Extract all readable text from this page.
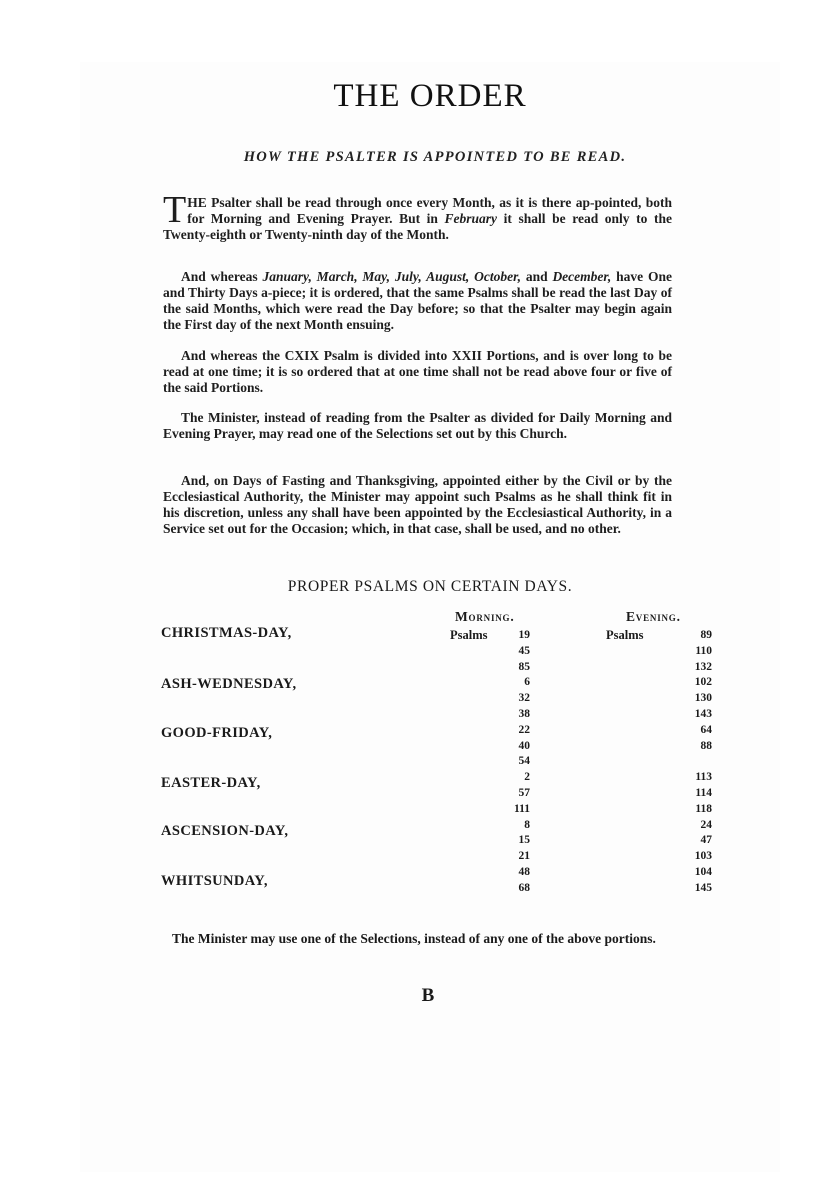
THE ORDER
HOW THE PSALTER IS APPOINTED TO BE READ.
THE Psalter shall be read through once every Month, as it is there ap-pointed, both for Morning and Evening Prayer. But in February it shall be read only to the Twenty-eighth or Twenty-ninth day of the Month.
And whereas January, March, May, July, August, October, and December, have One and Thirty Days a-piece; it is ordered, that the same Psalms shall be read the last Day of the said Months, which were read the Day before; so that the Psalter may begin again the First day of the next Month ensuing.
And whereas the CXIX Psalm is divided into XXII Portions, and is over long to be read at one time; it is so ordered that at one time shall not be read above four or five of the said Portions.
The Minister, instead of reading from the Psalter as divided for Daily Morning and Evening Prayer, may read one of the Selections set out by this Church.
And, on Days of Fasting and Thanksgiving, appointed either by the Civil or by the Ecclesiastical Authority, the Minister may appoint such Psalms as he shall think fit in his discretion, unless any shall have been appointed by the Ecclesiastical Authority, in a Service set out for the Occasion; which, in that case, shall be used, and no other.
PROPER PSALMS ON CERTAIN DAYS.
Morning.	Evening.
CHRISTMAS-DAY,
ASH-WEDNESDAY,
GOOD-FRIDAY,
EASTER-DAY,
ASCENSION-DAY,
WHITSUNDAY,
Psalms	Psalms
19
45
85
6
32
38
22
40
54
2
57
111
8
15
21
48
68
89
110
132
102
130
143
64
88
113
114
118
24
47
103
104
145
The Minister may use one of the Selections, instead of any one of the above portions.
B
